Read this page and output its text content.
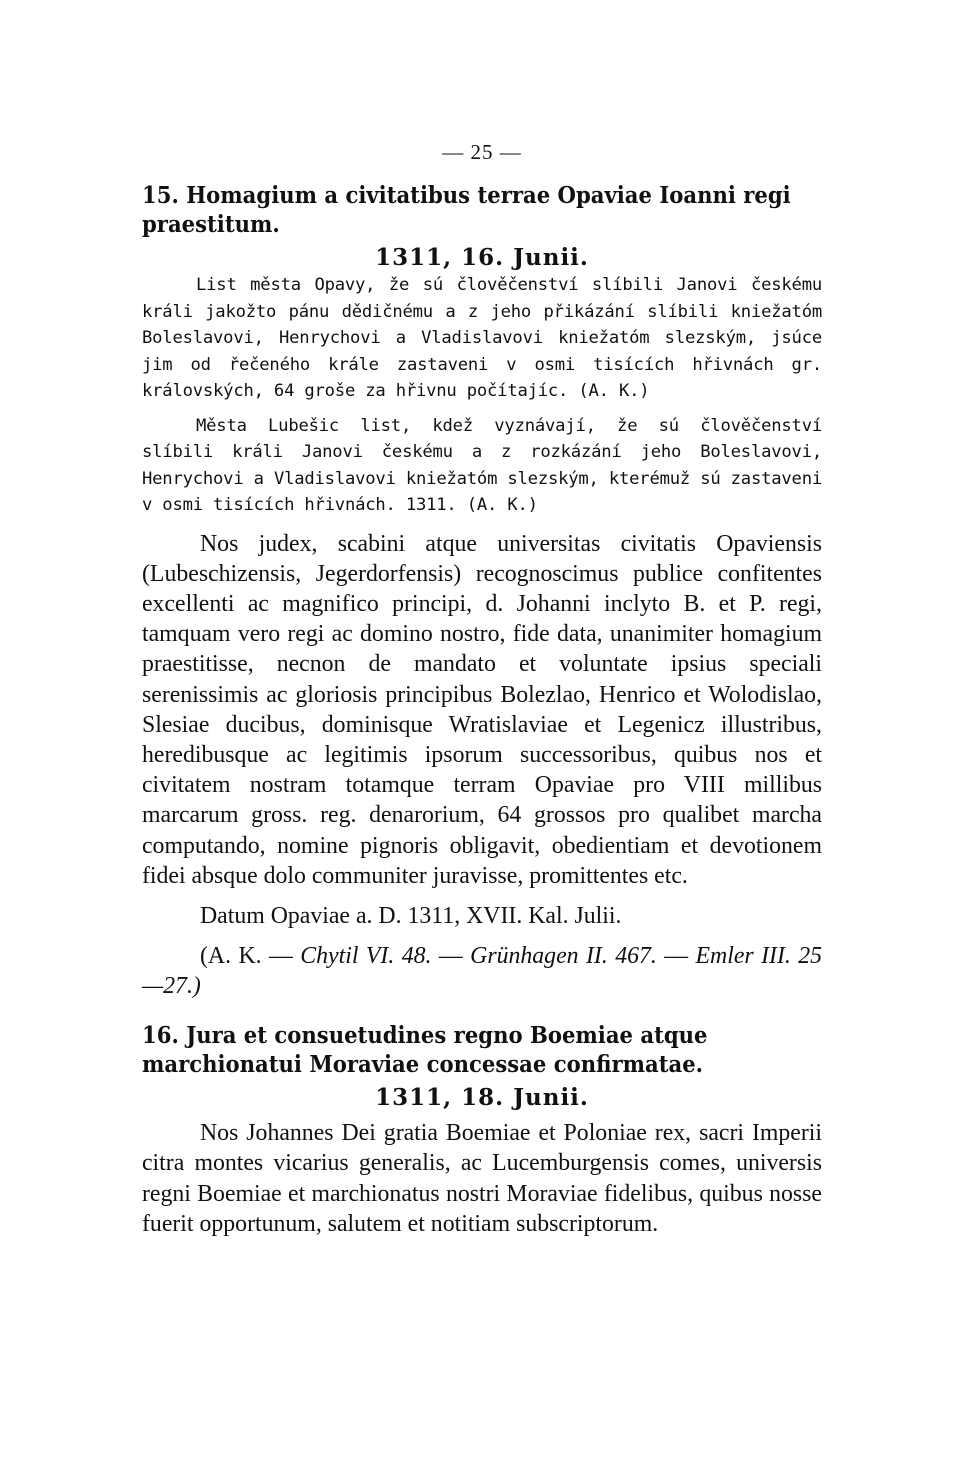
— 25 —
15. Homagium a civitatibus terrae Opaviae Ioanni regi praestitum.
1311, 16. Junii.

List města Opavy, že sú člověčenství slíbili Janovi českému králi jakožto pánu dědičnému a z jeho přikázání slíbili kniežatóm Boleslavovi, Henrychovi a Vladislavovi kniežatóm slezským, jsúce jim od řečeného krále zastaveni v osmi tisících hřivnách gr. královských, 64 groše za hřivnu počítajíc. (A. K.)

Města Lubešic list, kdež vyznávají, že sú člověčenství slíbili králi Janovi českému a z rozkázání jeho Boleslavovi, Henrychovi a Vladislavovi kniežatóm slezským, kterémuž sú zastaveni v osmi tisících hřivnách. 1311. (A. K.)

Nos judex, scabini atque universitas civitatis Opaviensis (Lubeschizensis, Jegerdorfensis) recognoscimus publice confitentes excellenti ac magnifico principi, d. Johanni inclyto B. et P. regi, tamquam vero regi ac domino nostro, fide data, unanimiter homagium praestitisse, necnon de mandato et voluntate ipsius speciali serenissimis ac gloriosis principibus Bolezlao, Henrico et Wolodislao, Slesiae ducibus, dominisque Wratislaviae et Legenicz illustribus, heredibusque ac legitimis ipsorum successoribus, quibus nos et civitatem nostram totamque terram Opaviae pro VIII millibus marcarum gross. reg. denarorium, 64 grossos pro qualibet marcha computando, nomine pignoris obligavit, obedientiam et devotionem fidei absque dolo communiter juravisse, promittentes etc.

Datum Opaviae a. D. 1311, XVII. Kal. Julii.

(A. K. — Chytil VI. 48. — Grünhagen II. 467. — Emler III. 25—27.)

16. Jura et consuetudines regno Boemiae atque marchionatui Moraviae concessae confirmatae.
1311, 18. Junii.

Nos Johannes Dei gratia Boemiae et Poloniae rex, sacri Imperii citra montes vicarius generalis, ac Lucemburgensis comes, universis regni Boemiae et marchionatus nostri Moraviae fidelibus, quibus nosse fuerit opportunum, salutem et notitiam subscriptorum.
